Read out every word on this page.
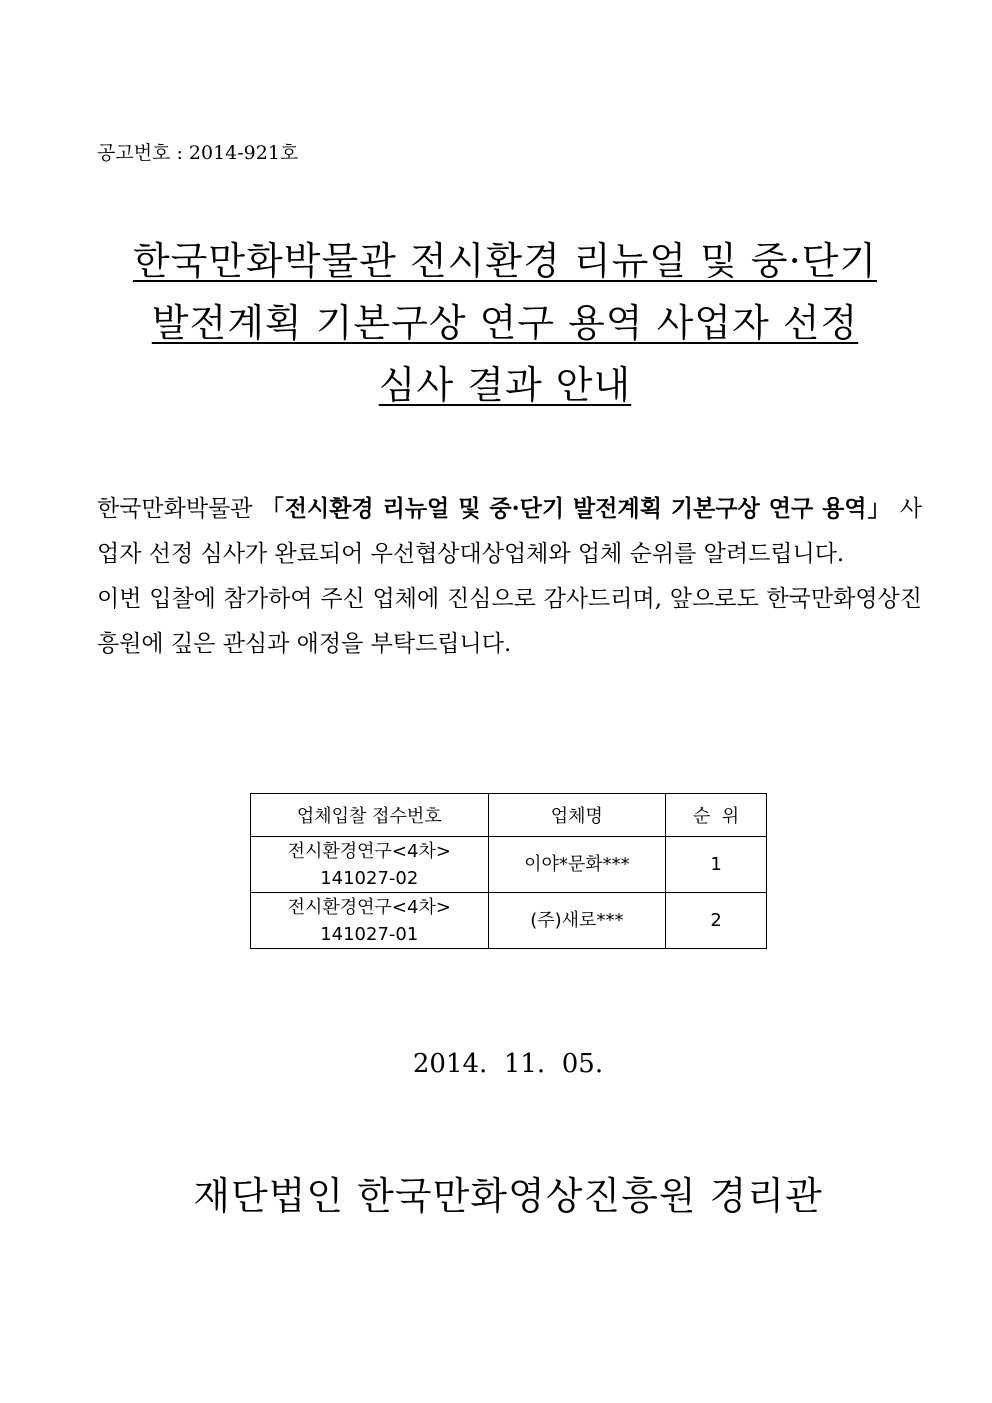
공고번호 : 2014-921호
한국만화박물관 전시환경 리뉴얼 및 중·단기
발전계획 기본구상 연구 용역 사업자 선정
심사 결과 안내

한국만화박물관 「전시환경 리뉴얼 및 중·단기 발전계획 기본구상 연구 용역」 사업자 선정 심사가 완료되어 우선협상대상업체와 업체 순위를 알려드립니다.

이번 입찰에 참가하여 주신 업체에 진심으로 감사드리며, 앞으로도 한국만화영상진흥원에 깊은 관심과 애정을 부탁드립니다.

업체입찰 접수번호	업체명	순  위

전시환경연구<4차>
141027-02	이야*문화***	1

전시환경연구<4차>
141027-01	(주)새로***	2
2014.  11.  05.
재단법인 한국만화영상진흥원 경리관
